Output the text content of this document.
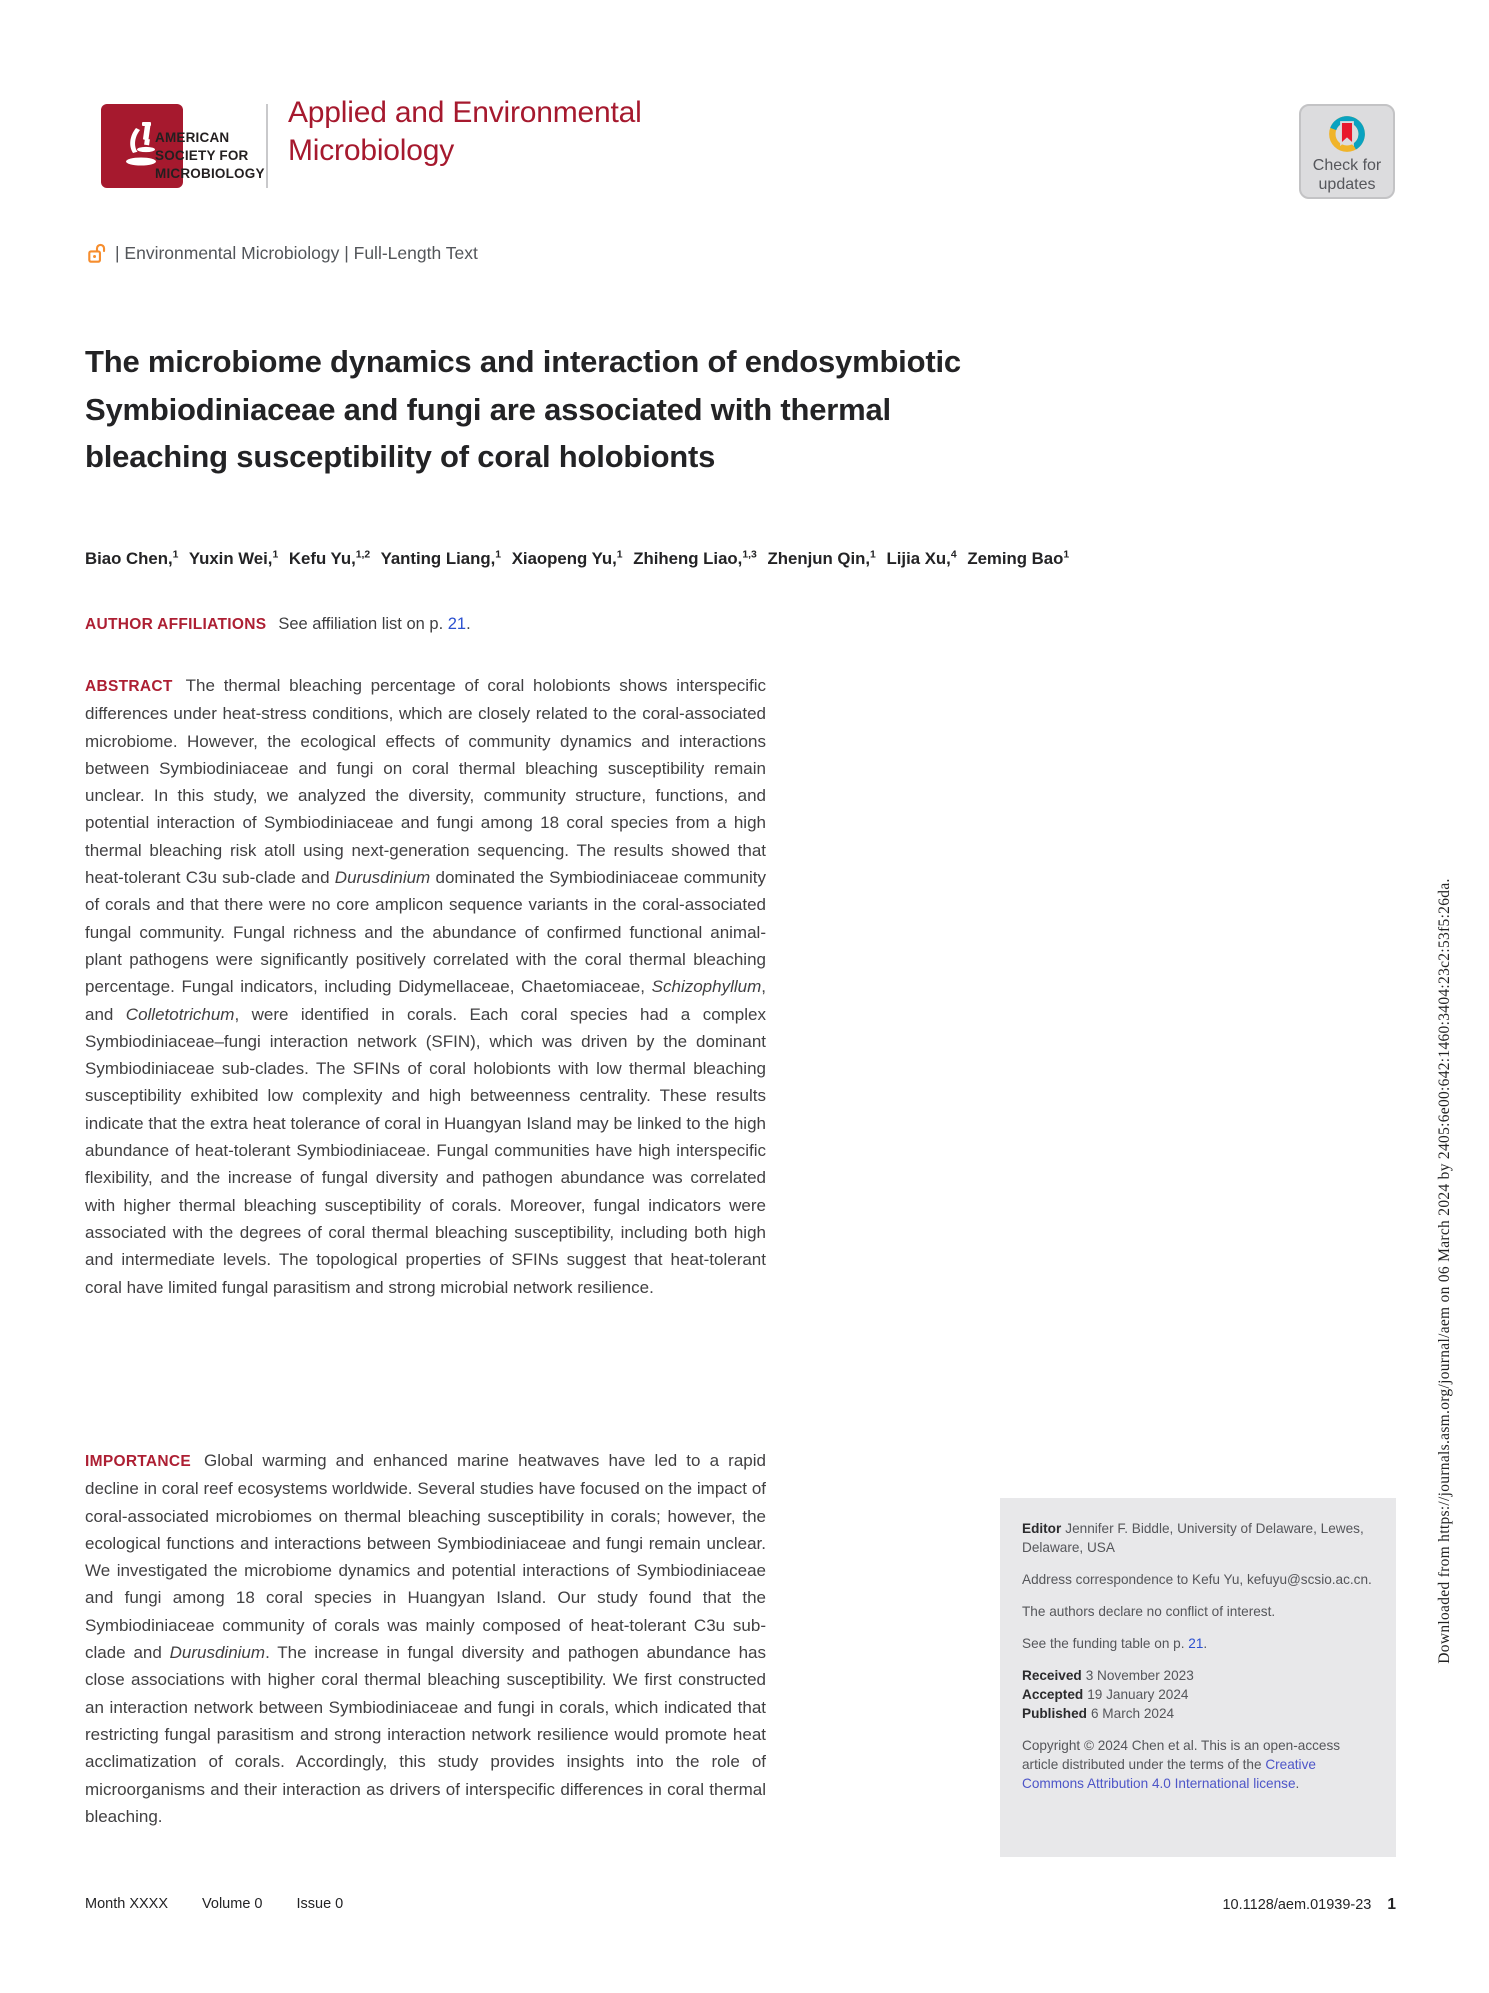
AMERICAN
SOCIETY FOR
MICROBIOLOGY
Applied and Environmental
Microbiology	Check for
updates
| Environmental Microbiology | Full-Length Text
The microbiome dynamics and interaction of endosymbiotic
Symbiodiniaceae and fungi are associated with thermal
bleaching susceptibility of coral holobionts
Biao Chen,$^1$ Yuxin Wei,$^1$ Kefu Yu,$^{1,2}$ Yanting Liang,$^1$ Xiaopeng Yu,$^1$ Zhiheng Liao,$^{1,3}$ Zhenjun Qin,$^1$ Lijia Xu,$^4$ Zeming Bao$^1$
AUTHOR AFFILIATIONS See affiliation list on p. 21.

ABSTRACT The thermal bleaching percentage of coral holobionts shows interspecific differences under heat-stress conditions, which are closely related to the coral-associated microbiome. However, the ecological effects of community dynamics and interactions between Symbiodiniaceae and fungi on coral thermal bleaching susceptibility remain unclear. In this study, we analyzed the diversity, community structure, functions, and potential interaction of Symbiodiniaceae and fungi among 18 coral species from a high thermal bleaching risk atoll using next-generation sequencing. The results showed that heat-tolerant C3u sub-clade and Durusdinium dominated the Symbiodiniaceae community of corals and that there were no core amplicon sequence variants in the coral-associated fungal community. Fungal richness and the abundance of confirmed functional animal-plant pathogens were significantly positively correlated with the coral thermal bleaching percentage. Fungal indicators, including Didymellaceae, Chaetomiaceae, Schizophyllum, and Colletotrichum, were identified in corals. Each coral species had a complex Symbiodiniaceae–fungi interaction network (SFIN), which was driven by the dominant Symbiodiniaceae sub-clades. The SFINs of coral holobionts with low thermal bleaching susceptibility exhibited low complexity and high betweenness centrality. These results indicate that the extra heat tolerance of coral in Huangyan Island may be linked to the high abundance of heat-tolerant Symbiodiniaceae. Fungal communities have high interspecific flexibility, and the increase of fungal diversity and pathogen abundance was correlated with higher thermal bleaching susceptibility of corals. Moreover, fungal indicators were associated with the degrees of coral thermal bleaching susceptibility, including both high and intermediate levels. The topological properties of SFINs suggest that heat-tolerant coral have limited fungal parasitism and strong microbial network resilience.

IMPORTANCE Global warming and enhanced marine heatwaves have led to a rapid decline in coral reef ecosystems worldwide. Several studies have focused on the impact of coral-associated microbiomes on thermal bleaching susceptibility in corals; however, the ecological functions and interactions between Symbiodiniaceae and fungi remain unclear. We investigated the microbiome dynamics and potential interactions of Symbiodiniaceae and fungi among 18 coral species in Huangyan Island. Our study found that the Symbiodiniaceae community of corals was mainly composed of heat-tolerant C3u sub-clade and Durusdinium. The increase in fungal diversity and pathogen abundance has close associations with higher coral thermal bleaching susceptibility. We first constructed an interaction network between Symbiodiniaceae and fungi in corals, which indicated that restricting fungal parasitism and strong interaction network resilience would promote heat acclimatization of corals. Accordingly, this study provides insights into the role of microorganisms and their interaction as drivers of interspecific differences in coral thermal bleaching.

Editor Jennifer F. Biddle, University of Delaware, Lewes, Delaware, USA
Address correspondence to Kefu Yu, kefuyu@scsio.ac.cn.
The authors declare no conflict of interest.
See the funding table on p. 21.
Received 3 November 2023
Accepted 19 January 2024
Published 6 March 2024
Copyright © 2024 Chen et al. This is an open-access article distributed under the terms of the Creative Commons Attribution 4.0 International license.
Month XXXX Volume 0 Issue 0	10.1128/aem.01939-23 1
Downloaded from https://journals.asm.org/journal/aem on 06 March 2024 by 2405:6e00:642:1460:3404:23c2:53f5:26da.
